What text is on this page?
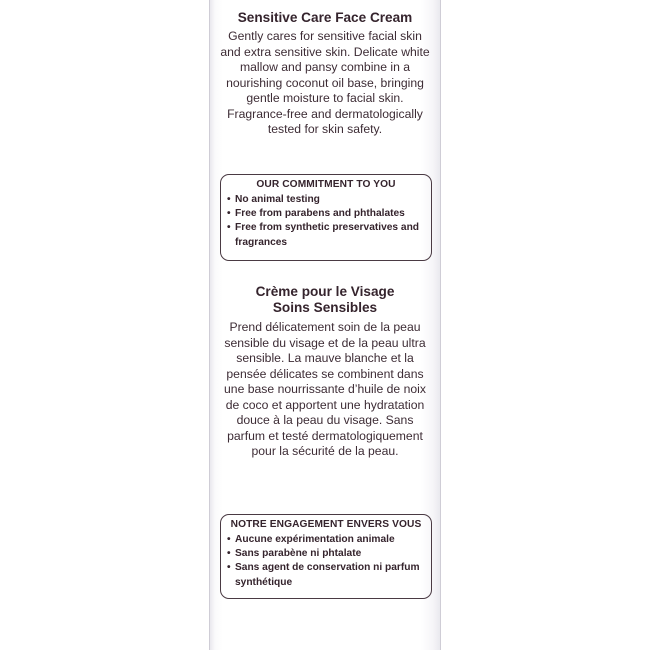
Sensitive Care Face Cream

Gently cares for sensitive facial skin and extra sensitive skin. Delicate white mallow and pansy combine in a nourishing coconut oil base, bringing gentle moisture to facial skin. Fragrance-free and dermatologically tested for skin safety.

OUR COMMITMENT TO YOU
• No animal testing
• Free from parabens and phthalates
• Free from synthetic preservatives and fragrances
Crème pour le Visage
Soins Sensibles

Prend délicatement soin de la peau sensible du visage et de la peau ultra sensible. La mauve blanche et la pensée délicates se combinent dans une base nourrissante d’huile de noix de coco et apportent une hydratation douce à la peau du visage. Sans parfum et testé dermatologiquement pour la sécurité de la peau.

NOTRE ENGAGEMENT ENVERS VOUS
• Aucune expérimentation animale
• Sans parabène ni phtalate
• Sans agent de conservation ni parfum synthétique
